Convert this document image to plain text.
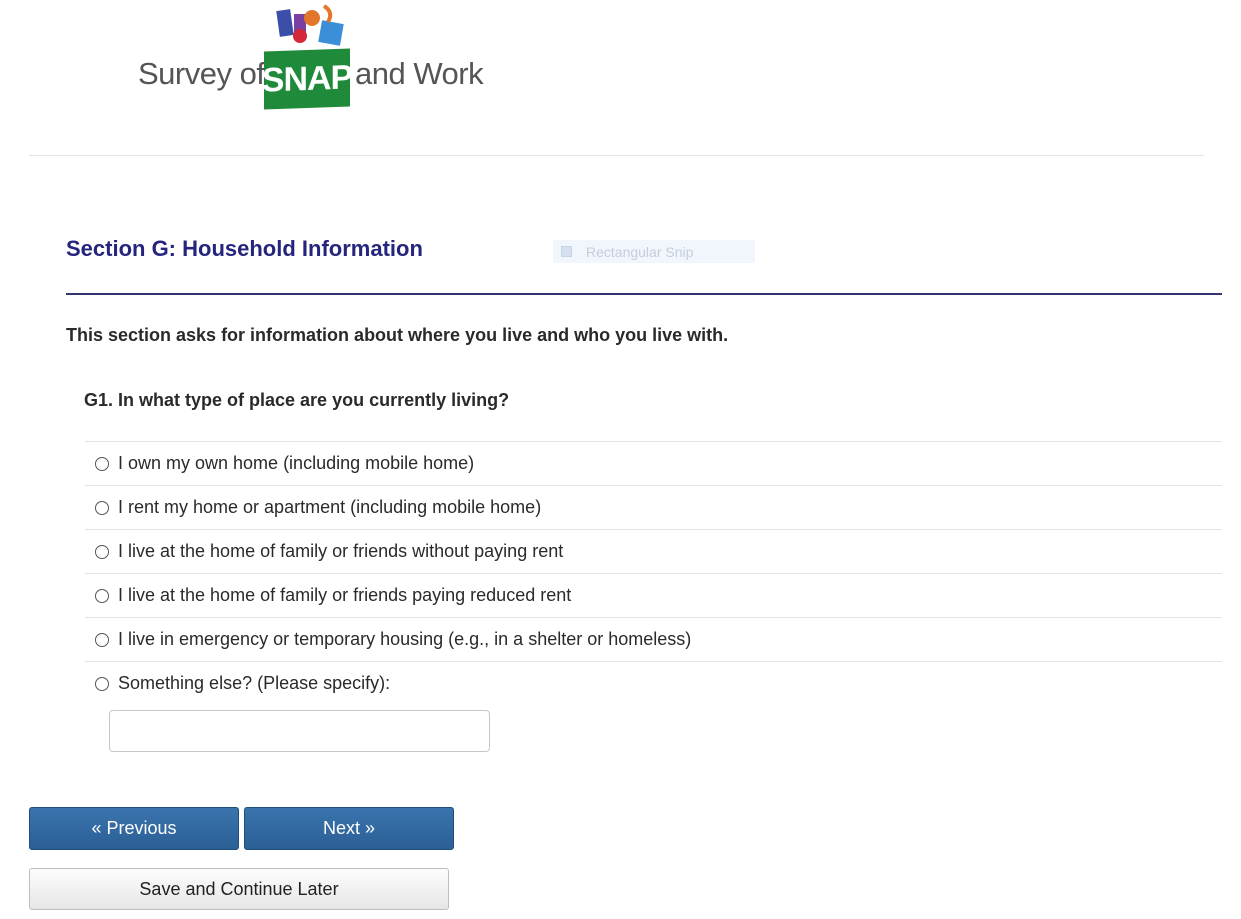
Survey of
SNAP and Work
Section G: Household Information	Rectangular Snip
This section asks for information about where you live and who you live with.
G1. In what type of place are you currently living?
I own my own home (including mobile home)
I rent my home or apartment (including mobile home)
I live at the home of family or friends without paying rent
I live at the home of family or friends paying reduced rent
I live in emergency or temporary housing (e.g., in a shelter or homeless)
Something else? (Please specify):
« Previous	Next »
Save and Continue Later
